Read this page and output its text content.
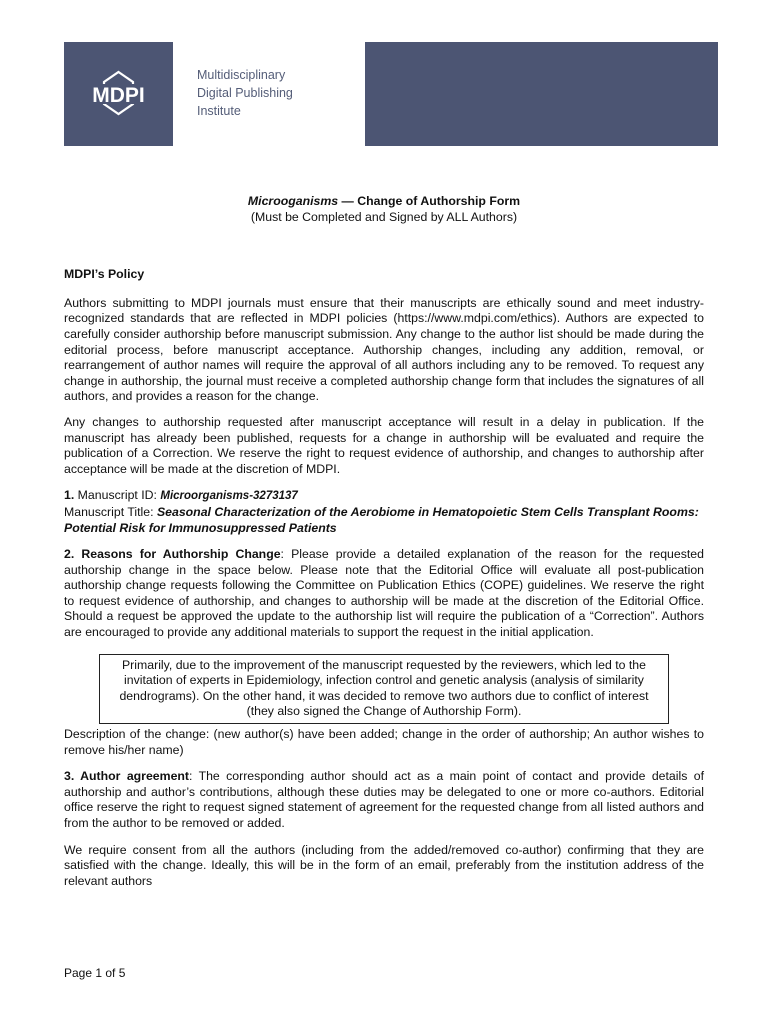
MDPI
Multidisciplinary
Digital Publishing
Institute
Microoganisms — Change of Authorship Form
(Must be Completed and Signed by ALL Authors)
MDPI’s Policy

Authors submitting to MDPI journals must ensure that their manuscripts are ethically sound and meet industry-recognized standards that are reflected in MDPI policies (https://www.mdpi.com/ethics). Authors are expected to carefully consider authorship before manuscript submission. Any change to the author list should be made during the editorial process, before manuscript acceptance. Authorship changes, including any addition, removal, or rearrangement of author names will require the approval of all authors including any to be removed. To request any change in authorship, the journal must receive a completed authorship change form that includes the signatures of all authors, and provides a reason for the change.

Any changes to authorship requested after manuscript acceptance will result in a delay in publication. If the manuscript has already been published, requests for a change in authorship will be evaluated and require the publication of a Correction. We reserve the right to request evidence of authorship, and changes to authorship after acceptance will be made at the discretion of MDPI.

1. Manuscript ID: Microorganisms-3273137
Manuscript Title: Seasonal Characterization of the Aerobiome in Hematopoietic Stem Cells Transplant Rooms: Potential Risk for Immunosuppressed Patients

2. Reasons for Authorship Change: Please provide a detailed explanation of the reason for the requested authorship change in the space below. Please note that the Editorial Office will evaluate all post-publication authorship change requests following the Committee on Publication Ethics (COPE) guidelines. We reserve the right to request evidence of authorship, and changes to authorship will be made at the discretion of the Editorial Office. Should a request be approved the update to the authorship list will require the publication of a “Correction”. Authors are encouraged to provide any additional materials to support the request in the initial application.

Primarily, due to the improvement of the manuscript requested by the reviewers, which led to the invitation of experts in Epidemiology, infection control and genetic analysis (analysis of similarity dendrograms). On the other hand, it was decided to remove two authors due to conflict of interest (they also signed the Change of Authorship Form).

Description of the change: (new author(s) have been added; change in the order of authorship; An author wishes to remove his/her name)

3. Author agreement: The corresponding author should act as a main point of contact and provide details of authorship and author’s contributions, although these duties may be delegated to one or more co-authors. Editorial office reserve the right to request signed statement of agreement for the requested change from all listed authors and from the author to be removed or added.

We require consent from all the authors (including from the added/removed co-author) confirming that they are satisfied with the change. Ideally, this will be in the form of an email, preferably from the institution address of the relevant authors

Page 1 of 5
